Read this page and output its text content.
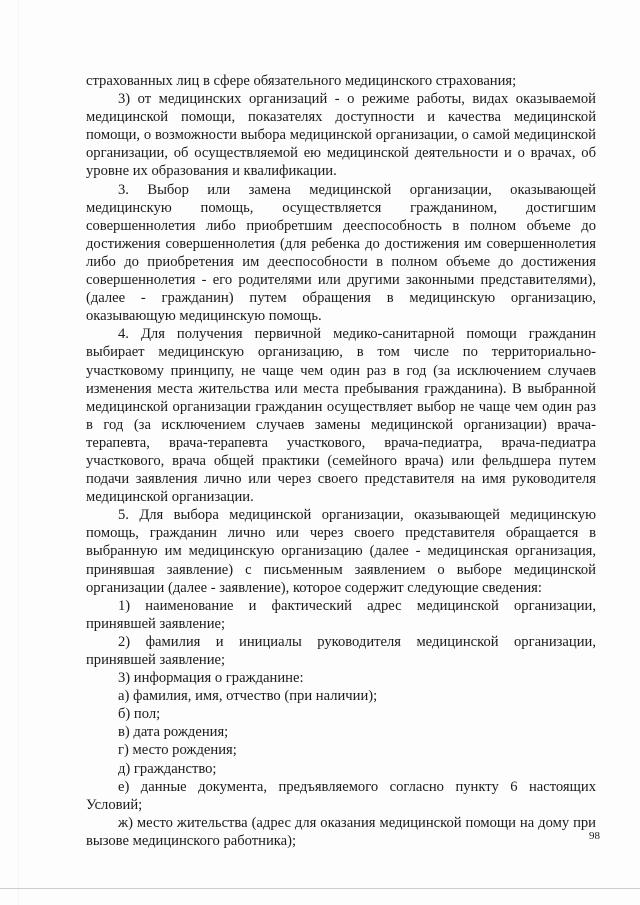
страхованных лиц в сфере обязательного медицинского страхования;

3) от медицинских организаций - о режиме работы, видах оказываемой медицинской помощи, показателях доступности и качества медицинской помощи, о возможности выбора медицинской организации, о самой медицинской организации, об осуществляемой ею медицинской деятельности и о врачах, об уровне их образования и квалификации.

3. Выбор или замена медицинской организации, оказывающей медицинскую помощь, осуществляется гражданином, достигшим совершеннолетия либо приобретшим дееспособность в полном объеме до достижения совершеннолетия (для ребенка до достижения им совершеннолетия либо до приобретения им дееспособности в полном объеме до достижения совершеннолетия - его родителями или другими законными представителями), (далее - гражданин) путем обращения в медицинскую организацию, оказывающую медицинскую помощь.

4. Для получения первичной медико-санитарной помощи гражданин выбирает медицинскую организацию, в том числе по территориально-участковому принципу, не чаще чем один раз в год (за исключением случаев изменения места жительства или места пребывания гражданина). В выбранной медицинской организации гражданин осуществляет выбор не чаще чем один раз в год (за исключением случаев замены медицинской организации) врача-терапевта, врача-терапевта участкового, врача-педиатра, врача-педиатра участкового, врача общей практики (семейного врача) или фельдшера путем подачи заявления лично или через своего представителя на имя руководителя медицинской организации.

5. Для выбора медицинской организации, оказывающей медицинскую помощь, гражданин лично или через своего представителя обращается в выбранную им медицинскую организацию (далее - медицинская организация, принявшая заявление) с письменным заявлением о выборе медицинской организации (далее - заявление), которое содержит следующие сведения:

1) наименование и фактический адрес медицинской организации, принявшей заявление;

2) фамилия и инициалы руководителя медицинской организации, принявшей заявление;

3) информация о гражданине:

а) фамилия, имя, отчество (при наличии);

б) пол;

в) дата рождения;

г) место рождения;

д) гражданство;

е) данные документа, предъявляемого согласно пункту 6 настоящих Условий;

ж) место жительства (адрес для оказания медицинской помощи на дому при вызове медицинского работника);	98
